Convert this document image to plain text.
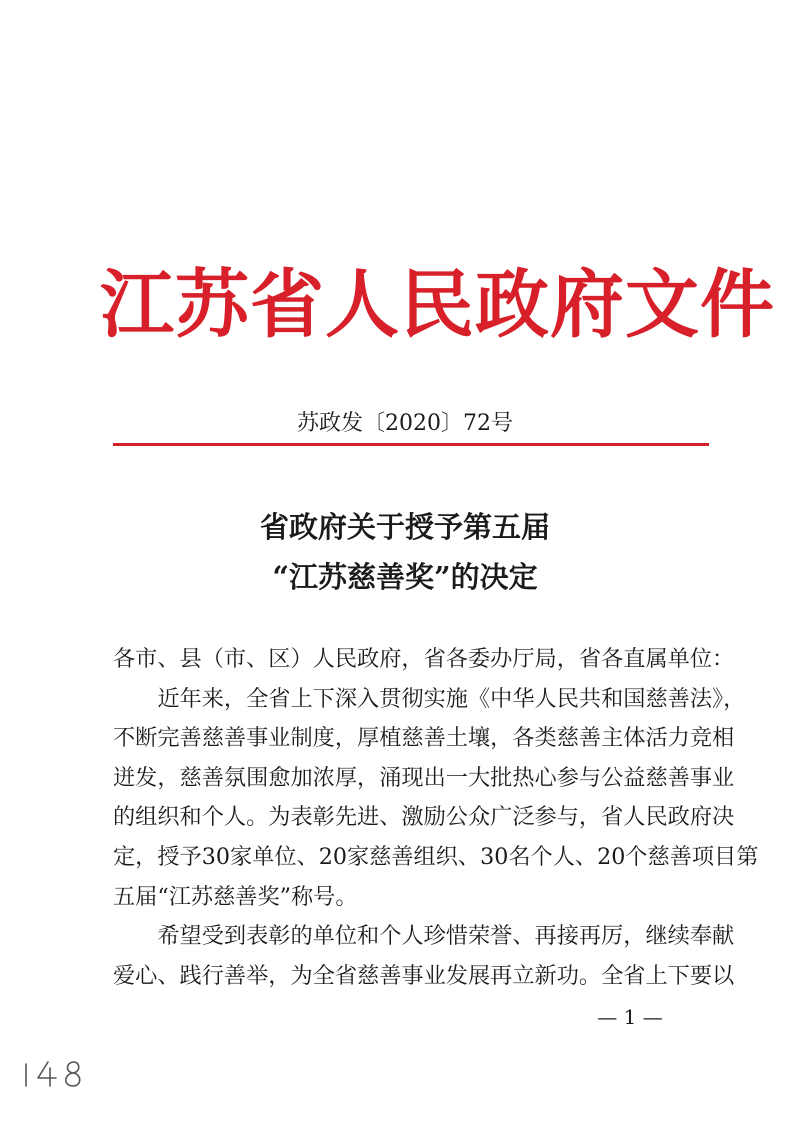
江苏省人民政府文件
苏政发〔2020〕72号
省政府关于授予第五届
“江苏慈善奖”的决定

各市、县（市、区）人民政府，省各委办厅局，省各直属单位：

　　近年来，全省上下深入贯彻实施《中华人民共和国慈善法》，

不断完善慈善事业制度，厚植慈善土壤，各类慈善主体活力竞相

迸发，慈善氛围愈加浓厚，涌现出一大批热心参与公益慈善事业

的组织和个人。为表彰先进、激励公众广泛参与，省人民政府决

定，授予30家单位、20家慈善组织、30名个人、20个慈善项目第

五届“江苏慈善奖”称号。

　　希望受到表彰的单位和个人珍惜荣誉、再接再厉，继续奉献

爱心、践行善举，为全省慈善事业发展再立新功。全省上下要以

— 1 —
